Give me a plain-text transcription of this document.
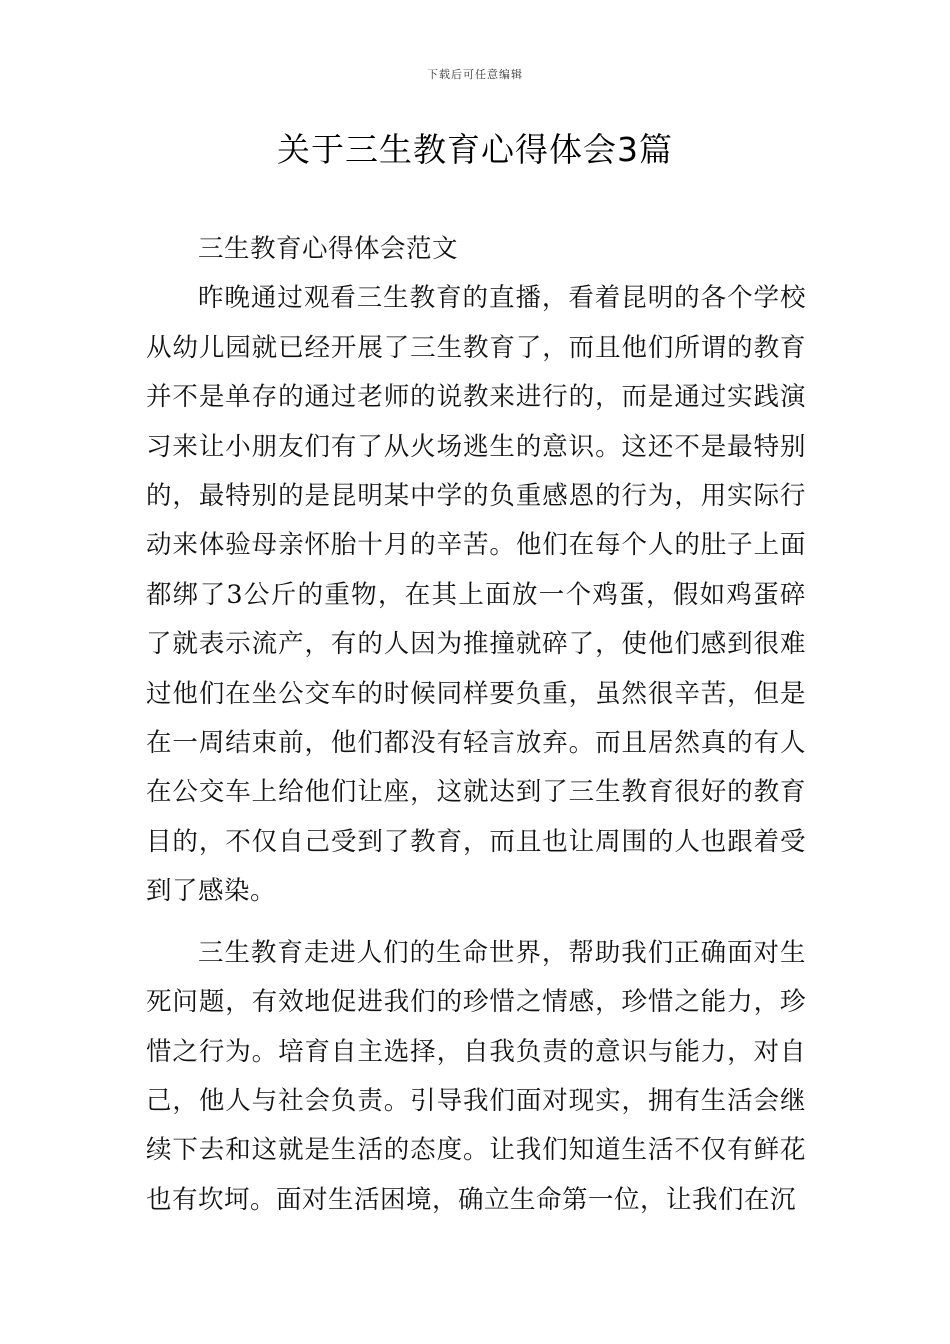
下载后可任意编辑
关于三生教育心得体会3篇

三生教育心得体会范文

昨晚通过观看三生教育的直播，看着昆明的各个学校从幼儿园就已经开展了三生教育了，而且他们所谓的教育并不是单存的通过老师的说教来进行的，而是通过实践演习来让小朋友们有了从火场逃生的意识。这还不是最特别的，最特别的是昆明某中学的负重感恩的行为，用实际行动来体验母亲怀胎十月的辛苦。他们在每个人的肚子上面都绑了3公斤的重物，在其上面放一个鸡蛋，假如鸡蛋碎了就表示流产，有的人因为推撞就碎了，使他们感到很难过他们在坐公交车的时候同样要负重，虽然很辛苦，但是在一周结束前，他们都没有轻言放弃。而且居然真的有人在公交车上给他们让座，这就达到了三生教育很好的教育目的，不仅自己受到了教育，而且也让周围的人也跟着受到了感染。

三生教育走进人们的生命世界，帮助我们正确面对生死问题，有效地促进我们的珍惜之情感，珍惜之能力，珍惜之行为。培育自主选择，自我负责的意识与能力，对自己，他人与社会负责。引导我们面对现实，拥有生活会继续下去和这就是生活的态度。让我们知道生活不仅有鲜花也有坎坷。面对生活困境，确立生命第一位，让我们在沉
